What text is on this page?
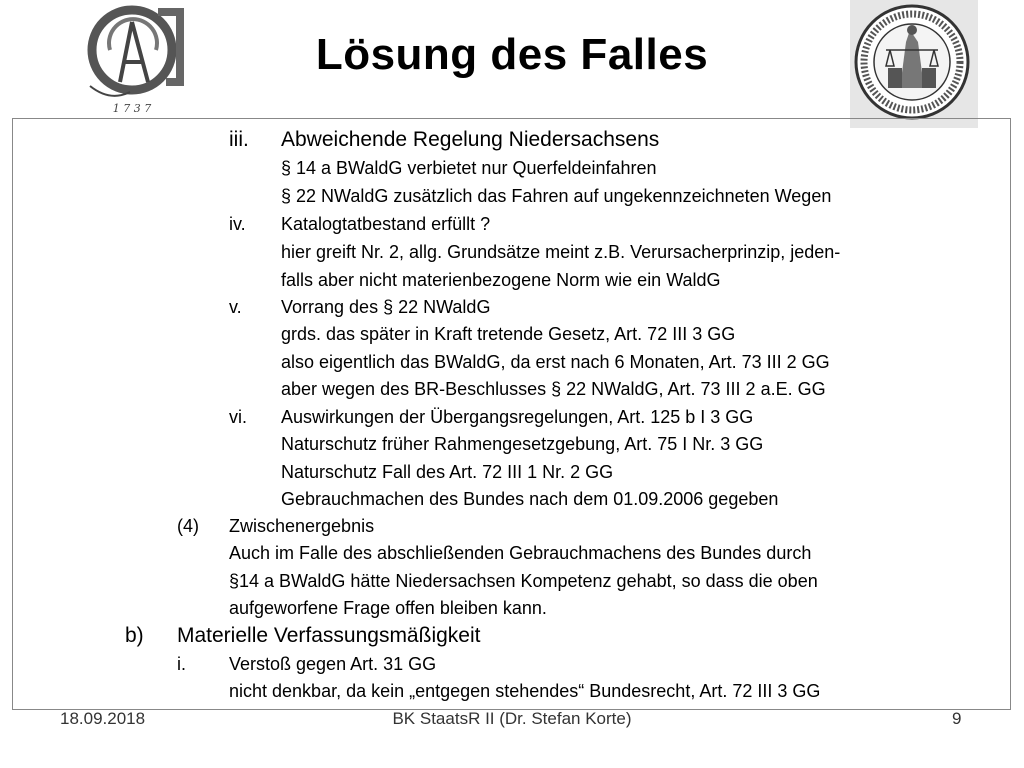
1 7 3 7
Lösung des Falles
iii. Abweichende Regelung Niedersachsens
§ 14 a BWaldG verbietet nur Querfeldeinfahren
§ 22 NWaldG zusätzlich das Fahren auf ungekennzeichneten Wegen
iv. Katalogtatbestand erfüllt ?
hier greift Nr. 2, allg. Grundsätze meint z.B. Verursacherprinzip, jeden-
falls aber nicht materienbezogene Norm wie ein WaldG
v. Vorrang des § 22 NWaldG
grds. das später in Kraft tretende Gesetz, Art. 72 III 3 GG
also eigentlich das BWaldG, da erst nach 6 Monaten, Art. 73 III 2 GG
aber wegen des BR-Beschlusses § 22 NWaldG, Art. 73 III 2 a.E. GG
vi. Auswirkungen der Übergangsregelungen, Art. 125 b I 3 GG
Naturschutz früher Rahmengesetzgebung, Art. 75 I Nr. 3 GG
Naturschutz Fall des Art. 72 III 1 Nr. 2 GG
Gebrauchmachen des Bundes nach dem 01.09.2006 gegeben
(4) Zwischenergebnis
Auch im Falle des abschließenden Gebrauchmachens des Bundes durch
§14 a BWaldG hätte Niedersachsen Kompetenz gehabt, so dass die oben
aufgeworfene Frage offen bleiben kann.
b) Materielle Verfassungsmäßigkeit
i. Verstoß gegen Art. 31 GG
nicht denkbar, da kein „entgegen stehendes“ Bundesrecht, Art. 72 III 3 GG
18.09.2018	BK StaatsR II (Dr. Stefan Korte)	9
